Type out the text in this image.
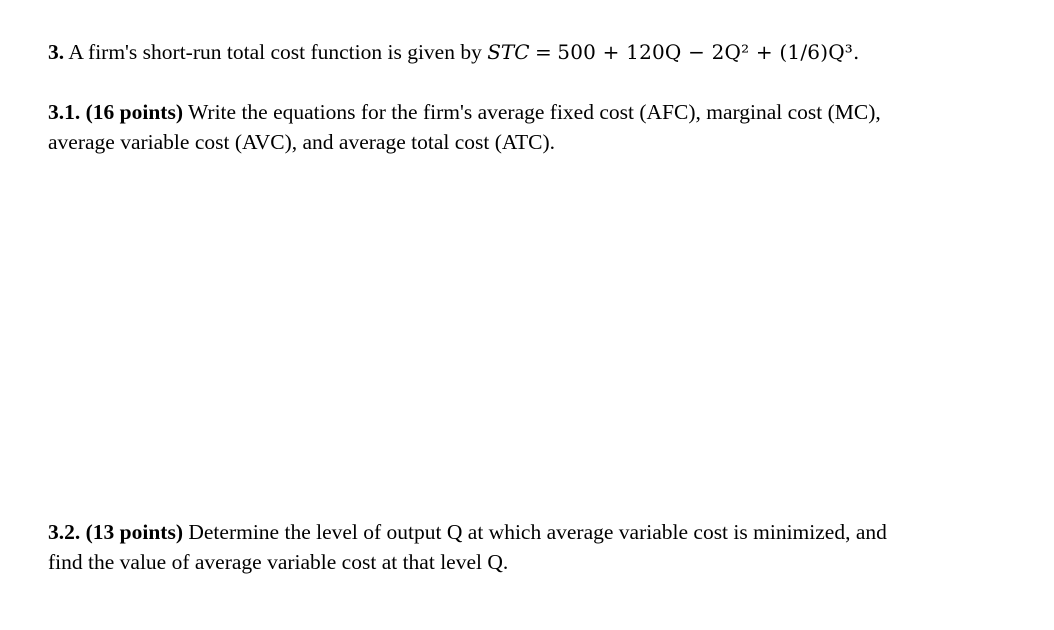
3. A firm's short-run total cost function is given by STC = 500 + 120Q − 2Q² + (1/6)Q³.
3.1. (16 points) Write the equations for the firm's average fixed cost (AFC), marginal cost (MC),
average variable cost (AVC), and average total cost (ATC).
3.2. (13 points) Determine the level of output Q at which average variable cost is minimized, and
find the value of average variable cost at that level Q.
